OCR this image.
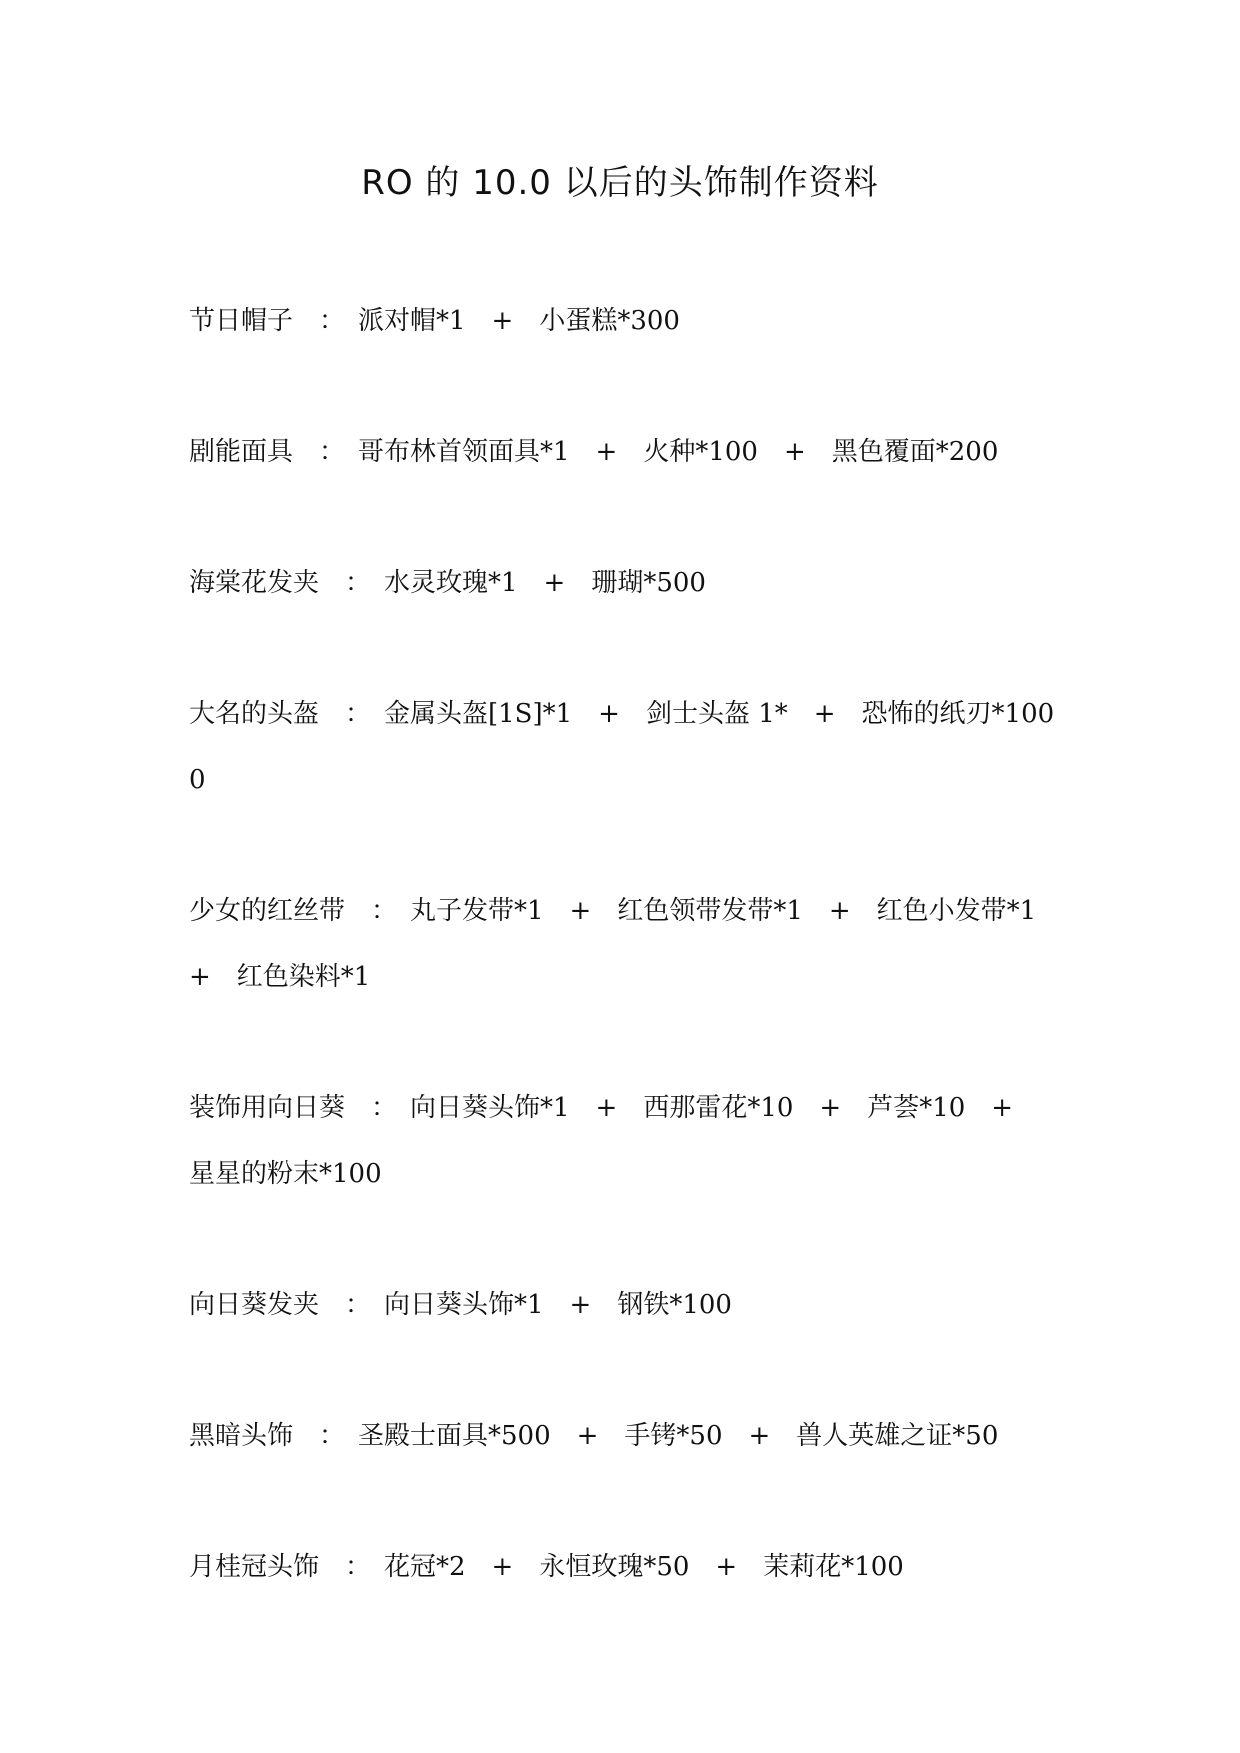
RO 的 10.0 以后的头饰制作资料
节日帽子　：　派对帽*1　+　小蛋糕*300
剧能面具　：　哥布林首领面具*1　+　火种*100　+　黑色覆面*200
海棠花发夹　：　水灵玫瑰*1　+　珊瑚*500
大名的头盔　：　金属头盔[1S]*1　+　剑士头盔 1*　+　恐怖的纸刃*1000
少女的红丝带　：　丸子发带*1　+　红色领带发带*1　+　红色小发带*1　+　红色染料*1
装饰用向日葵　：　向日葵头饰*1　+　西那雷花*10　+　芦荟*10　+　星星的粉末*100
向日葵发夹　：　向日葵头饰*1　+　钢铁*100
黑暗头饰　：　圣殿士面具*500　+　手铐*50　+　兽人英雄之证*50
月桂冠头饰　：　花冠*2　+　永恒玫瑰*50　+　茉莉花*100
